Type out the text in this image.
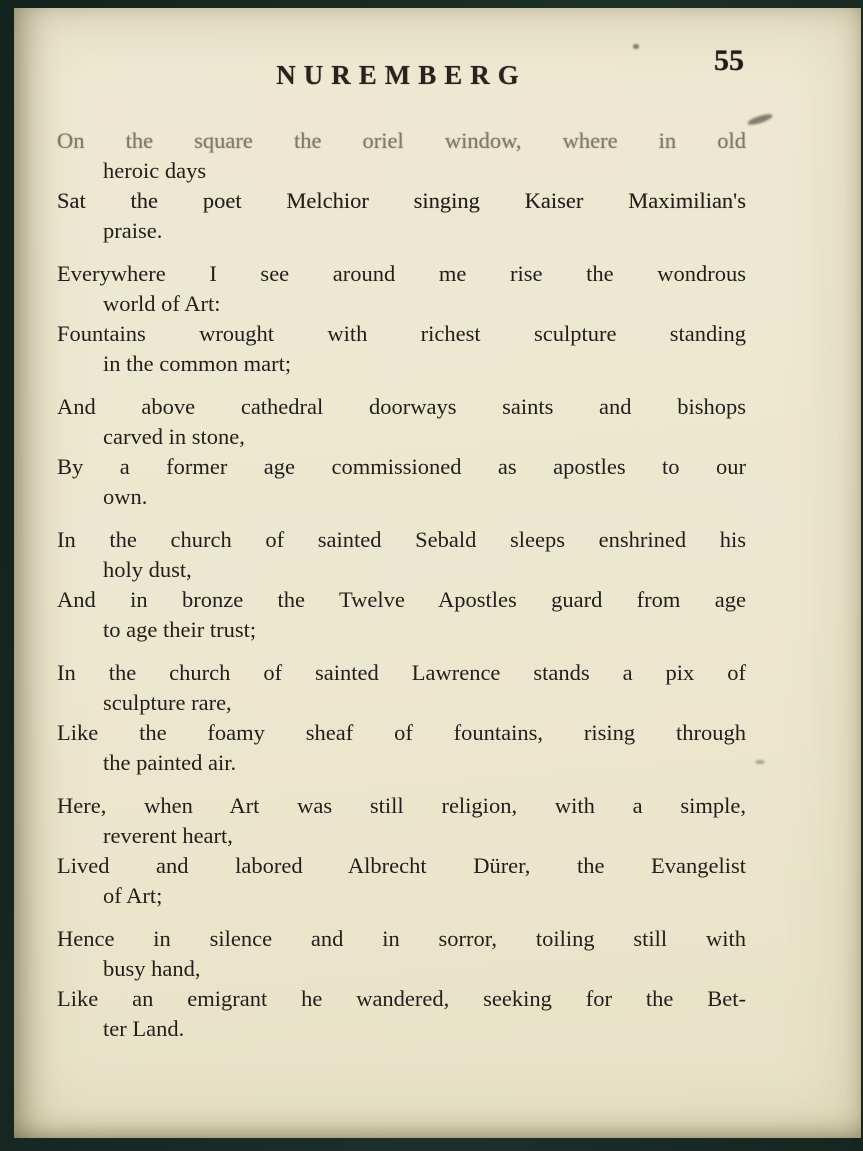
NUREMBERG	55
On the square the oriel window, where in old
heroic days
Sat the poet Melchior singing Kaiser Maximilian's
praise.
Everywhere I see around me rise the wondrous
world of Art:
Fountains wrought with richest sculpture standing
in the common mart;
And above cathedral doorways saints and bishops
carved in stone,
By a former age commissioned as apostles to our
own.
In the church of sainted Sebald sleeps enshrined his
holy dust,
And in bronze the Twelve Apostles guard from age
to age their trust;
In the church of sainted Lawrence stands a pix of
sculpture rare,
Like the foamy sheaf of fountains, rising through
the painted air.
Here, when Art was still religion, with a simple,
reverent heart,
Lived and labored Albrecht Dürer, the Evangelist
of Art;
Hence in silence and in sorror, toiling still with
busy hand,
Like an emigrant he wandered, seeking for the Bet-
ter Land.
